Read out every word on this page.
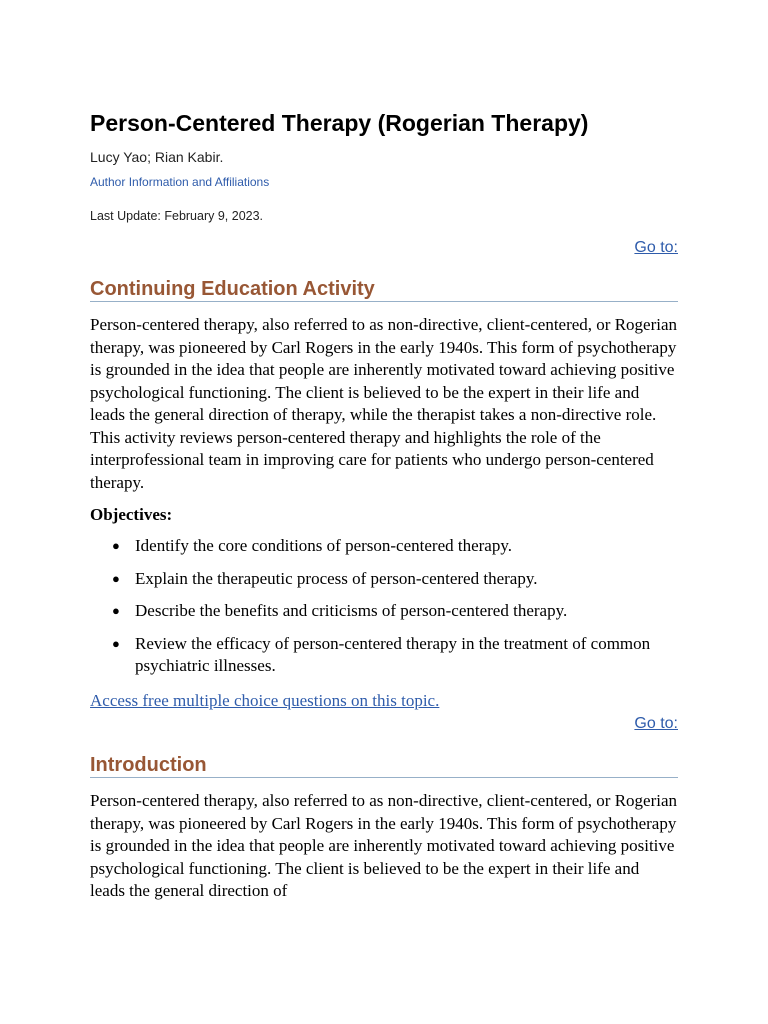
Person-Centered Therapy (Rogerian Therapy)
Lucy Yao; Rian Kabir.
Author Information and Affiliations
Last Update: February 9, 2023.
Go to:
Continuing Education Activity

Person-centered therapy, also referred to as non-directive, client-centered, or Rogerian therapy, was pioneered by Carl Rogers in the early 1940s. This form of psychotherapy is grounded in the idea that people are inherently motivated toward achieving positive psychological functioning. The client is believed to be the expert in their life and leads the general direction of therapy, while the therapist takes a non-directive role. This activity reviews person-centered therapy and highlights the role of the interprofessional team in improving care for patients who undergo person-centered therapy.

Objectives:

● Identify the core conditions of person-centered therapy.
● Explain the therapeutic process of person-centered therapy.
● Describe the benefits and criticisms of person-centered therapy.
● Review the efficacy of person-centered therapy in the treatment of common psychiatric illnesses.
Access free multiple choice questions on this topic.
Go to:
Introduction

Person-centered therapy, also referred to as non-directive, client-centered, or Rogerian therapy, was pioneered by Carl Rogers in the early 1940s. This form of psychotherapy is grounded in the idea that people are inherently motivated toward achieving positive psychological functioning. The client is believed to be the expert in their life and leads the general direction of
